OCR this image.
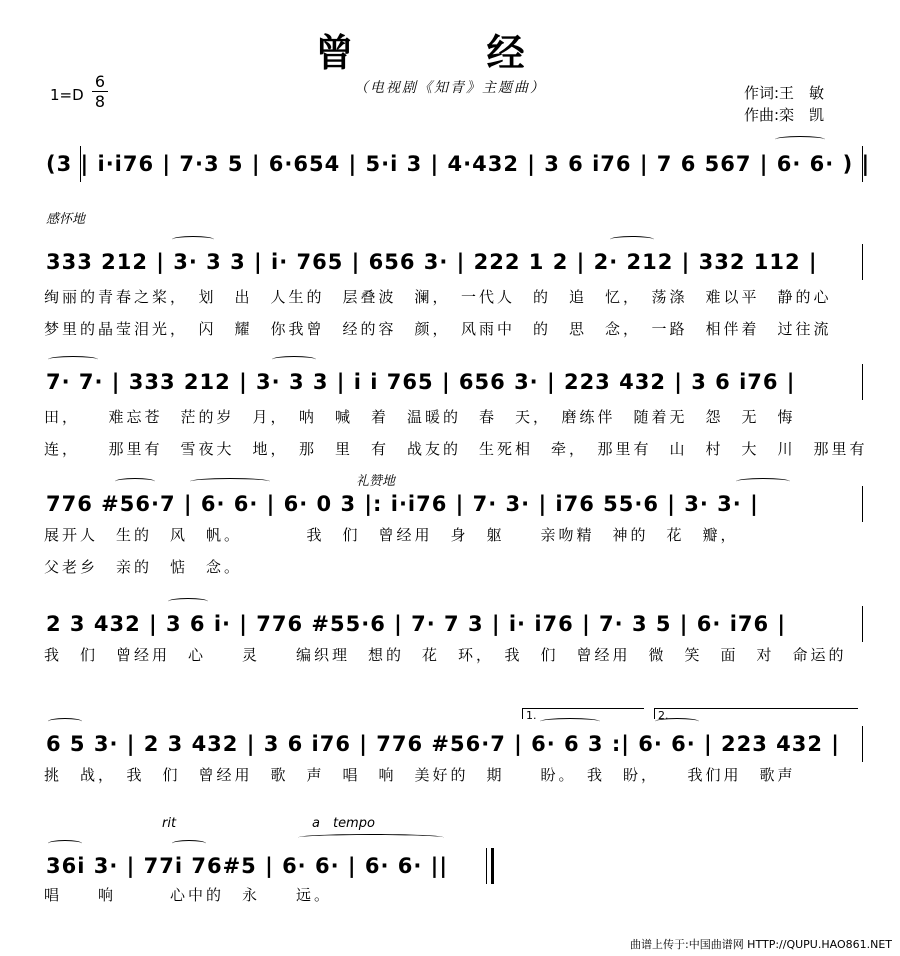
曾 经
（电视剧《知青》主题曲）
$1=D \frac{6}{8}$	作词:王　敏
作曲:栾　凯
(3 | i·i76 | 7·3 5 | 6·654 | 5·i 3 | 4·432 | 3 6 i76 | 7 6 567 | 6· 6· ) |
感怀地
333 212 | 3· 3 3 | i· 765 | 656 3· | 222 1 2 | 2· 212 | 332 112 |
绚丽的青春之桨，　划　出　人生的　层叠波　澜，　一代人　的　追　忆，　荡涤　难以平　静的心
梦里的晶莹泪光，　闪　耀　你我曾　经的容　颜，　风雨中　的　思　念，　一路　相伴着　过往流
7· 7· | 333 212 | 3· 3 3 | i i 765 | 656 3· | 223 432 | 3 6 i76 |
田，　　难忘苍　茫的岁　月，　呐　喊　着　温暖的　春　天，　磨练伴　随着无　怨　无　悔
连，　　那里有　雪夜大　地，　那　里　有　战友的　生死相　牵，　那里有　山　村　大　川　那里有
礼赞地
776 #56·7 | 6· 6· | 6· 0 3 |: i·i76 | 7· 3· | i76 55·6 | 3· 3· |
展开人　生的　风　帆。　　　　我　们　曾经用　身　躯　　亲吻精　神的　花　瓣，
父老乡　亲的　惦　念。
2 3 432 | 3 6 i· | 776 #55·6 | 7· 7 3 | i· i76 | 7· 3 5 | 6· i76 |
我　们　曾经用　心　　灵　　编织理　想的　花　环，　我　们　曾经用　微　笑　面　对　命运的
6 5 3· | 2 3 432 | 3 6 i76 | 776 #56·7 | 6· 6 3 :| 6· 6· | 223 432 |
1.	2.
挑　战，　我　们　曾经用　歌　声　唱　响　美好的　期　　盼。　我　盼，　　我们用　歌声
rit	a　tempo
36i 3· | 77i 76#5 | 6· 6· | 6· 6· ||
唱　　响　　　心中的　永　　远。
曲谱上传于:中国曲谱网 HTTP://QUPU.HAO861.NET
